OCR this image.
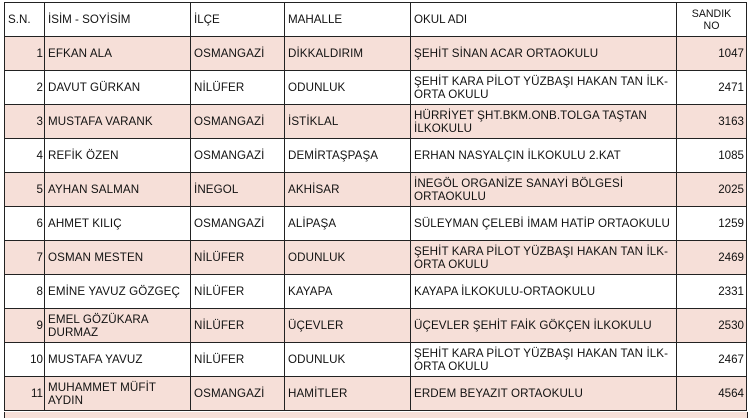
S.N.	İSİM - SOYİSİM	İLÇE	MAHALLE	OKUL ADI	SANDIK
NO
1	EFKAN ALA	OSMANGAZİ	DİKKALDIRIM	ŞEHİT SİNAN ACAR ORTAOKULU	1047
2	DAVUT GÜRKAN	NİLÜFER	ODUNLUK	ŞEHİT KARA PİLOT YÜZBAŞI HAKAN TAN İLK-ORTA OKULU	2471
3	MUSTAFA VARANK	OSMANGAZİ	İSTİKLAL	HÜRRİYET ŞHT.BKM.ONB.TOLGA TAŞTAN İLKOKULU	3163
4	REFİK ÖZEN	OSMANGAZİ	DEMİRTAŞPAŞA	ERHAN NASYALÇIN İLKOKULU 2.KAT	1085
5	AYHAN SALMAN	İNEGOL	AKHİSAR	İNEGÖL ORGANİZE SANAYİ BÖLGESİ ORTAOKULU	2025
6	AHMET KILIÇ	OSMANGAZİ	ALİPAŞA	SÜLEYMAN ÇELEBİ İMAM HATİP ORTAOKULU	1259
7	OSMAN MESTEN	NİLÜFER	ODUNLUK	ŞEHİT KARA PİLOT YÜZBAŞI HAKAN TAN İLK-ORTA OKULU	2469
8	EMİNE YAVUZ GÖZGEÇ	NİLÜFER	KAYAPA	KAYAPA İLKOKULU-ORTAOKULU	2331
9	EMEL GÖZÜKARA DURMAZ	NİLÜFER	ÜÇEVLER	ÜÇEVLER ŞEHİT FAİK GÖKÇEN İLKOKULU	2530
10	MUSTAFA YAVUZ	NİLÜFER	ODUNLUK	ŞEHİT KARA PİLOT YÜZBAŞI HAKAN TAN İLK-ORTA OKULU	2467
11	MUHAMMET MÜFİT AYDIN	OSMANGAZİ	HAMİTLER	ERDEM BEYAZIT ORTAOKULU	4564
